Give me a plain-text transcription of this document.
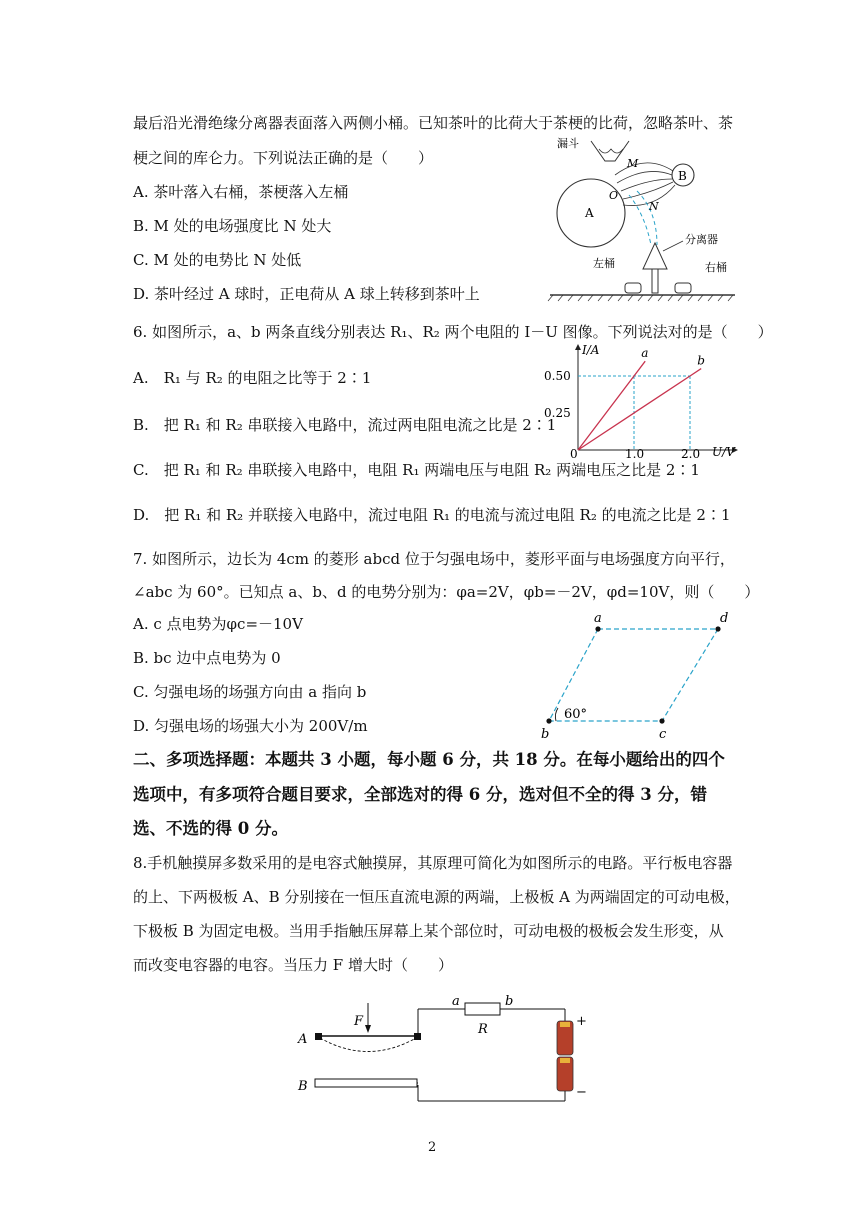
最后沿光滑绝缘分离器表面落入两侧小桶。已知茶叶的比荷大于茶梗的比荷，忽略茶叶、茶
梗之间的库仑力。下列说法正确的是（　　）
A. 茶叶落入右桶，茶梗落入左桶
B. M 处的电场强度比 N 处大
C. M 处的电势比 N 处低
D. 茶叶经过 A 球时，正电荷从 A 球上转移到茶叶上
漏斗
A
B
M
N
O
分离器
左桶	右桶
6. 如图所示，a、b 两条直线分别表达 R₁、R₂ 两个电阻的 I－U 图像。下列说法对的是（　　）
A.　R₁ 与 R₂ 的电阻之比等于 2∶1
B.　把 R₁ 和 R₂ 串联接入电路中，流过两电阻电流之比是 2∶1
C.　把 R₁ 和 R₂ 串联接入电路中，电阻 R₁ 两端电压与电阻 R₂ 两端电压之比是 2∶1
D.　把 R₁ 和 R₂ 并联接入电路中，流过电阻 R₁ 的电流与流过电阻 R₂ 的电流之比是 2∶1
I/A
U/V
0
a
b
0.25
0.50
1.0	2.0
7. 如图所示，边长为 4cm 的菱形 abcd 位于匀强电场中，菱形平面与电场强度方向平行，
∠abc 为 60°。已知点 a、b、d 的电势分别为：φa=2V，φb=－2V，φd=10V，则（　　）
A. c 点电势为φc=－10V
B. bc 边中点电势为 0
C. 匀强电场的场强方向由 a 指向 b
D. 匀强电场的场强大小为 200V/m
a	d
c
b
60°
二、多项选择题：本题共 3 小题，每小题 6 分，共 18 分。在每小题给出的四个
选项中，有多项符合题目要求，全部选对的得 6 分，选对但不全的得 3 分，错
选、不选的得 0 分。
8.手机触摸屏多数采用的是电容式触摸屏，其原理可简化为如图所示的电路。平行板电容器
的上、下两极板 A、B 分别接在一恒压直流电源的两端，上极板 A 为两端固定的可动电极，
下极板 B 为固定电极。当用手指触压屏幕上某个部位时，可动电极的极板会发生形变，从
而改变电容器的电容。当压力 F 增大时（　　）
F
A
B
R
a	b
+
−
2
